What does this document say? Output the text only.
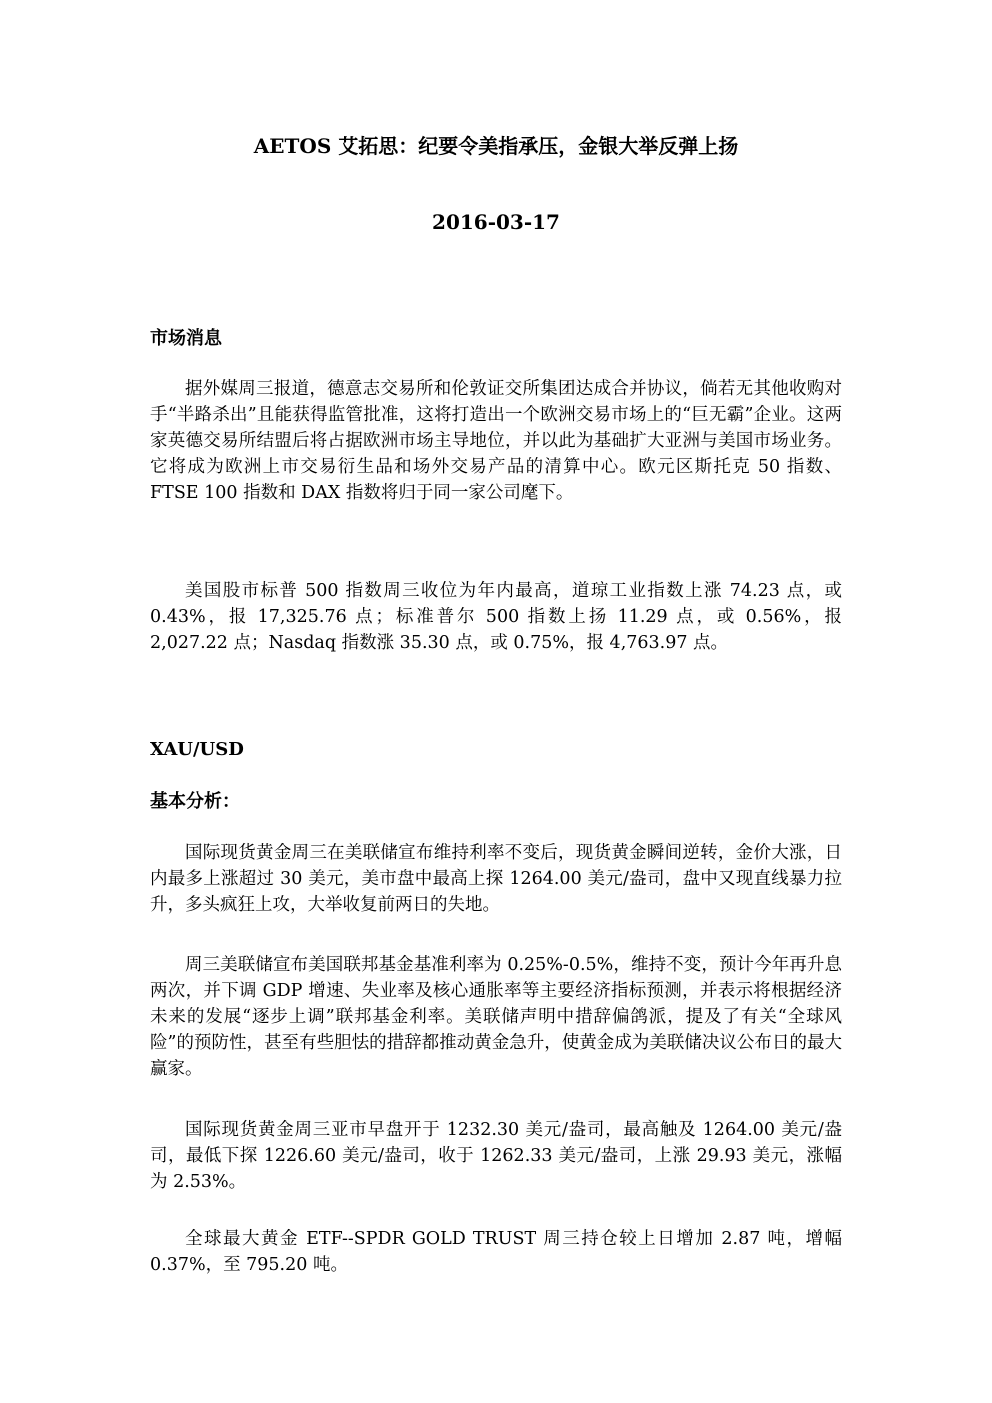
AETOS 艾拓思：纪要令美指承压，金银大举反弹上扬
2016-03-17
市场消息
据外媒周三报道，德意志交易所和伦敦证交所集团达成合并协议，倘若无其他收购对手“半路杀出”且能获得监管批准，这将打造出一个欧洲交易市场上的“巨无霸”企业。这两家英德交易所结盟后将占据欧洲市场主导地位，并以此为基础扩大亚洲与美国市场业务。它将成为欧洲上市交易衍生品和场外交易产品的清算中心。欧元区斯托克 50 指数、FTSE 100 指数和 DAX 指数将归于同一家公司麾下。
美国股市标普 500 指数周三收位为年内最高，道琼工业指数上涨 74.23 点，或 0.43%，报 17,325.76 点；标准普尔 500 指数上扬 11.29 点，或 0.56%，报 2,027.22 点；Nasdaq 指数涨 35.30 点，或 0.75%，报 4,763.97 点。
XAU/USD
基本分析：
国际现货黄金周三在美联储宣布维持利率不变后，现货黄金瞬间逆转，金价大涨，日内最多上涨超过 30 美元，美市盘中最高上探 1264.00 美元/盎司，盘中又现直线暴力拉升，多头疯狂上攻，大举收复前两日的失地。
周三美联储宣布美国联邦基金基准利率为 0.25%-0.5%，维持不变，预计今年再升息两次，并下调 GDP 增速、失业率及核心通胀率等主要经济指标预测，并表示将根据经济未来的发展“逐步上调”联邦基金利率。美联储声明中措辞偏鸽派，提及了有关“全球风险”的预防性，甚至有些胆怯的措辞都推动黄金急升，使黄金成为美联储决议公布日的最大赢家。
国际现货黄金周三亚市早盘开于 1232.30 美元/盎司，最高触及 1264.00 美元/盎司，最低下探 1226.60 美元/盎司，收于 1262.33 美元/盎司，上涨 29.93 美元，涨幅为 2.53%。
全球最大黄金 ETF--SPDR GOLD TRUST 周三持仓较上日增加 2.87 吨，增幅 0.37%，至 795.20 吨。
